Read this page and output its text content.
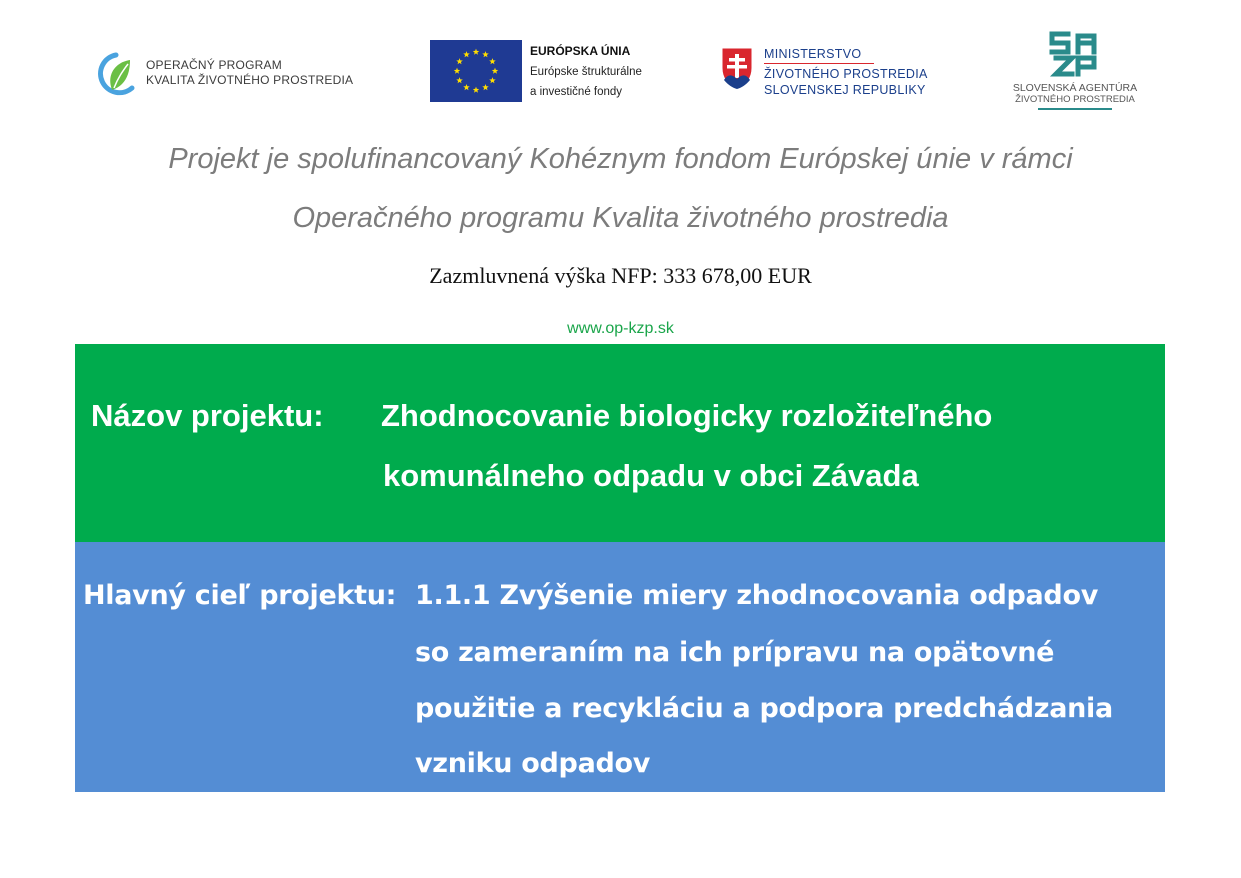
OPERAČNÝ PROGRAM
KVALITA ŽIVOTNÉHO PROSTREDIA
EURÓPSKA ÚNIA
Európske štrukturálne
a investičné fondy
MINISTERSTVO
ŽIVOTNÉHO PROSTREDIA
SLOVENSKEJ REPUBLIKY	SLOVENSKÁ AGENTÚRA
ŽIVOTNÉHO PROSTREDIA
Projekt je spolufinancovaný Kohéznym fondom Európskej únie v rámci
Operačného programu Kvalita životného prostredia
Zazmluvnená výška NFP: 333 678,00 EUR
www.op-kzp.sk
Názov projektu: Zhodnocovanie biologicky rozložiteľného
komunálneho odpadu v obci Závada
Hlavný cieľ projektu: 1.1.1 Zvýšenie miery zhodnocovania odpadov
so zameraním na ich prípravu na opätovné
použitie a recykláciu a podpora predchádzania
vzniku odpadov
